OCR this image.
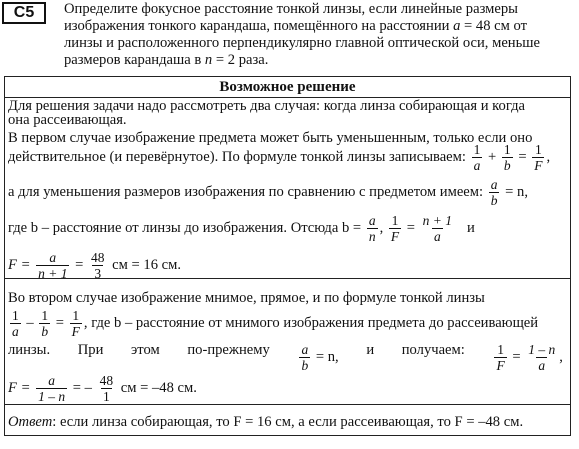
C5	Определите фокусное расстояние тонкой линзы, если линейные размеры

изображения тонкого карандаша, помещённого на расстоянии a = 48 см от

линзы и расположенного перпендикулярно главной оптической оси, меньше

размеров карандаша в n = 2 раза.

Возможное решение
Для решения задачи надо рассмотреть два случая: когда линза собирающая и когда
она рассеивающая.
В первом случае изображение предмета может быть уменьшенным, только если оно
действительное (и перевёрнутое). По формуле тонкой линзы записываем: $\frac{1}{a} + \frac{1}{b} = \frac{1}{F}$ ,
а для уменьшения размеров изображения по сравнению с предметом имеем: $\frac{a}{b} = n$,
где b – расстояние от линзы до изображения. Отсюда $b = \frac{a}{n}$ , $\frac{1}{F} = \frac{n + 1}{a}$ и
$F = \frac{a}{n + 1} = \frac{48}{3}$ см = 16 см.
Во втором случае изображение мнимое, прямое, и по формуле тонкой линзы
$\frac{1}{a} - \frac{1}{b} = \frac{1}{F}$ , где b – расстояние от мнимого изображения предмета до рассеивающей
линзы. При этом по-прежнему $\frac{a}{b} = n$, и получаем: $\frac{1}{F} = \frac{1 - n}{a}$ ,
$F = \frac{a}{1 - n}$ = – $\frac{48}{1}$ см = –48 см.
Ответ: если линза собирающая, то F = 16 см, а если рассеивающая, то F = –48 см.
